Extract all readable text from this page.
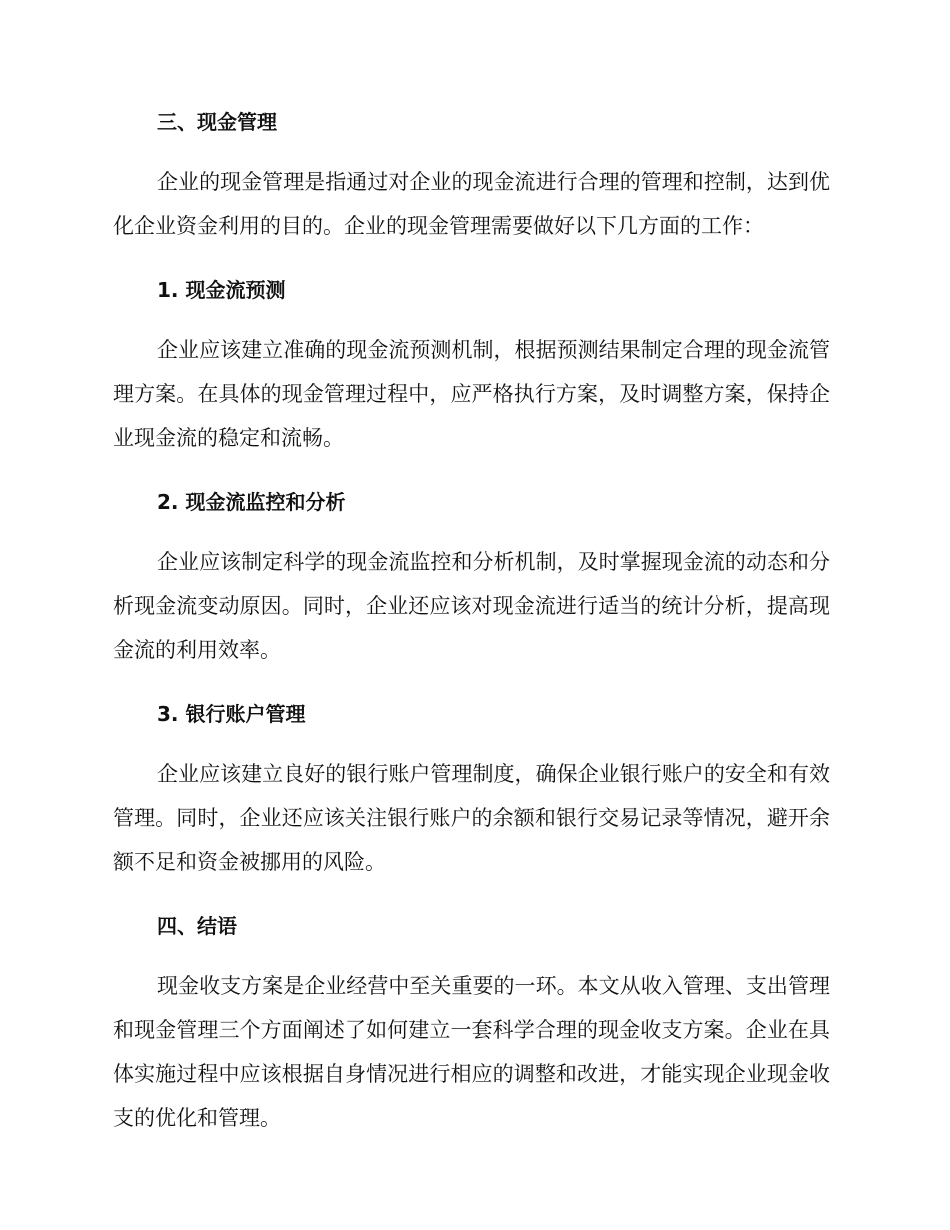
三、现金管理

企业的现金管理是指通过对企业的现金流进行合理的管理和控制，达到优化企业资金利用的目的。企业的现金管理需要做好以下几方面的工作：

1. 现金流预测

企业应该建立准确的现金流预测机制，根据预测结果制定合理的现金流管理方案。在具体的现金管理过程中，应严格执行方案，及时调整方案，保持企业现金流的稳定和流畅。

2. 现金流监控和分析

企业应该制定科学的现金流监控和分析机制，及时掌握现金流的动态和分析现金流变动原因。同时，企业还应该对现金流进行适当的统计分析，提高现金流的利用效率。

3. 银行账户管理

企业应该建立良好的银行账户管理制度，确保企业银行账户的安全和有效管理。同时，企业还应该关注银行账户的余额和银行交易记录等情况，避开余额不足和资金被挪用的风险。

四、结语

现金收支方案是企业经营中至关重要的一环。本文从收入管理、支出管理和现金管理三个方面阐述了如何建立一套科学合理的现金收支方案。企业在具体实施过程中应该根据自身情况进行相应的调整和改进，才能实现企业现金收支的优化和管理。
